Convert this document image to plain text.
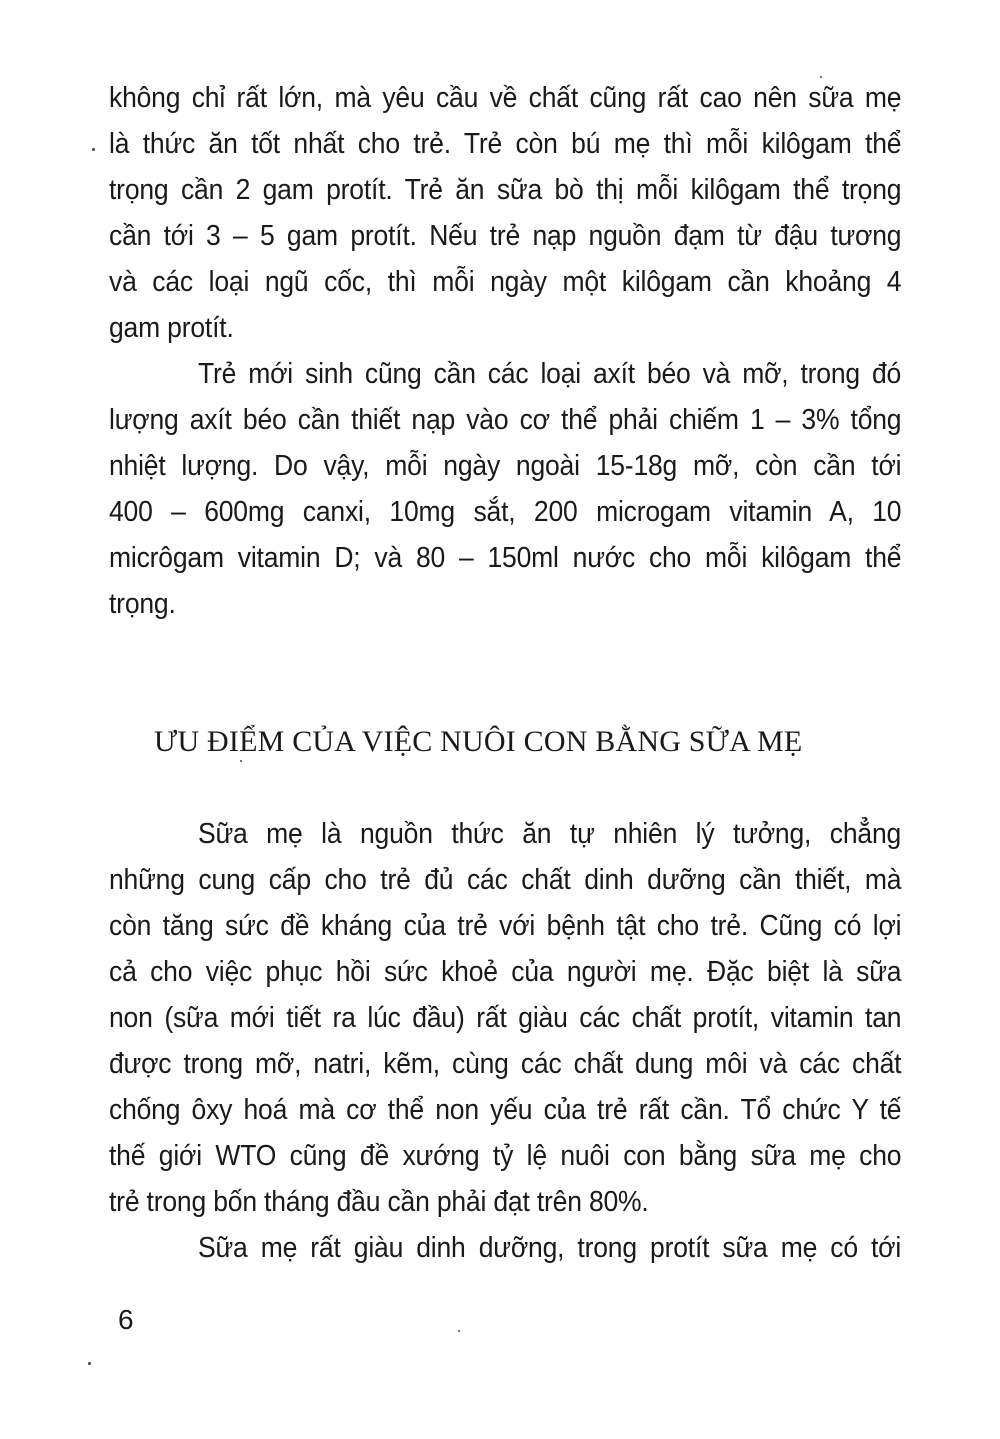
không chỉ rất lớn, mà yêu cầu về chất cũng rất cao nên sữa mẹ
là thức ăn tốt nhất cho trẻ. Trẻ còn bú mẹ thì mỗi kilôgam thể
trọng cần 2 gam protít. Trẻ ăn sữa bò thị mỗi kilôgam thể trọng
cần tới 3 – 5 gam protít. Nếu trẻ nạp nguồn đạm từ đậu tương
và các loại ngũ cốc, thì mỗi ngày một kilôgam cần khoảng 4
gam protít.
Trẻ mới sinh cũng cần các loại axít béo và mỡ, trong đó
lượng axít béo cần thiết nạp vào cơ thể phải chiếm 1 – 3% tổng
nhiệt lượng. Do vậy, mỗi ngày ngoài 15-18g mỡ, còn cần tới
400 – 600mg canxi, 10mg sắt, 200 microgam vitamin A, 10
micrôgam vitamin D; và 80 – 150ml nước cho mỗi kilôgam thể
trọng.
ƯU ĐIỂM CỦA VIỆC NUÔI CON BẰNG SỮA MẸ
Sữa mẹ là nguồn thức ăn tự nhiên lý tưởng, chẳng
những cung cấp cho trẻ đủ các chất dinh dưỡng cần thiết, mà
còn tăng sức đề kháng của trẻ với bệnh tật cho trẻ. Cũng có lợi
cả cho việc phục hồi sức khoẻ của người mẹ. Đặc biệt là sữa
non (sữa mới tiết ra lúc đầu) rất giàu các chất protít, vitamin tan
được trong mỡ, natri, kẽm, cùng các chất dung môi và các chất
chống ôxy hoá mà cơ thể non yếu của trẻ rất cần. Tổ chức Y tế
thế giới WTO cũng đề xướng tỷ lệ nuôi con bằng sữa mẹ cho
trẻ trong bốn tháng đầu cần phải đạt trên 80%.
Sữa mẹ rất giàu dinh dưỡng, trong protít sữa mẹ có tới
6
